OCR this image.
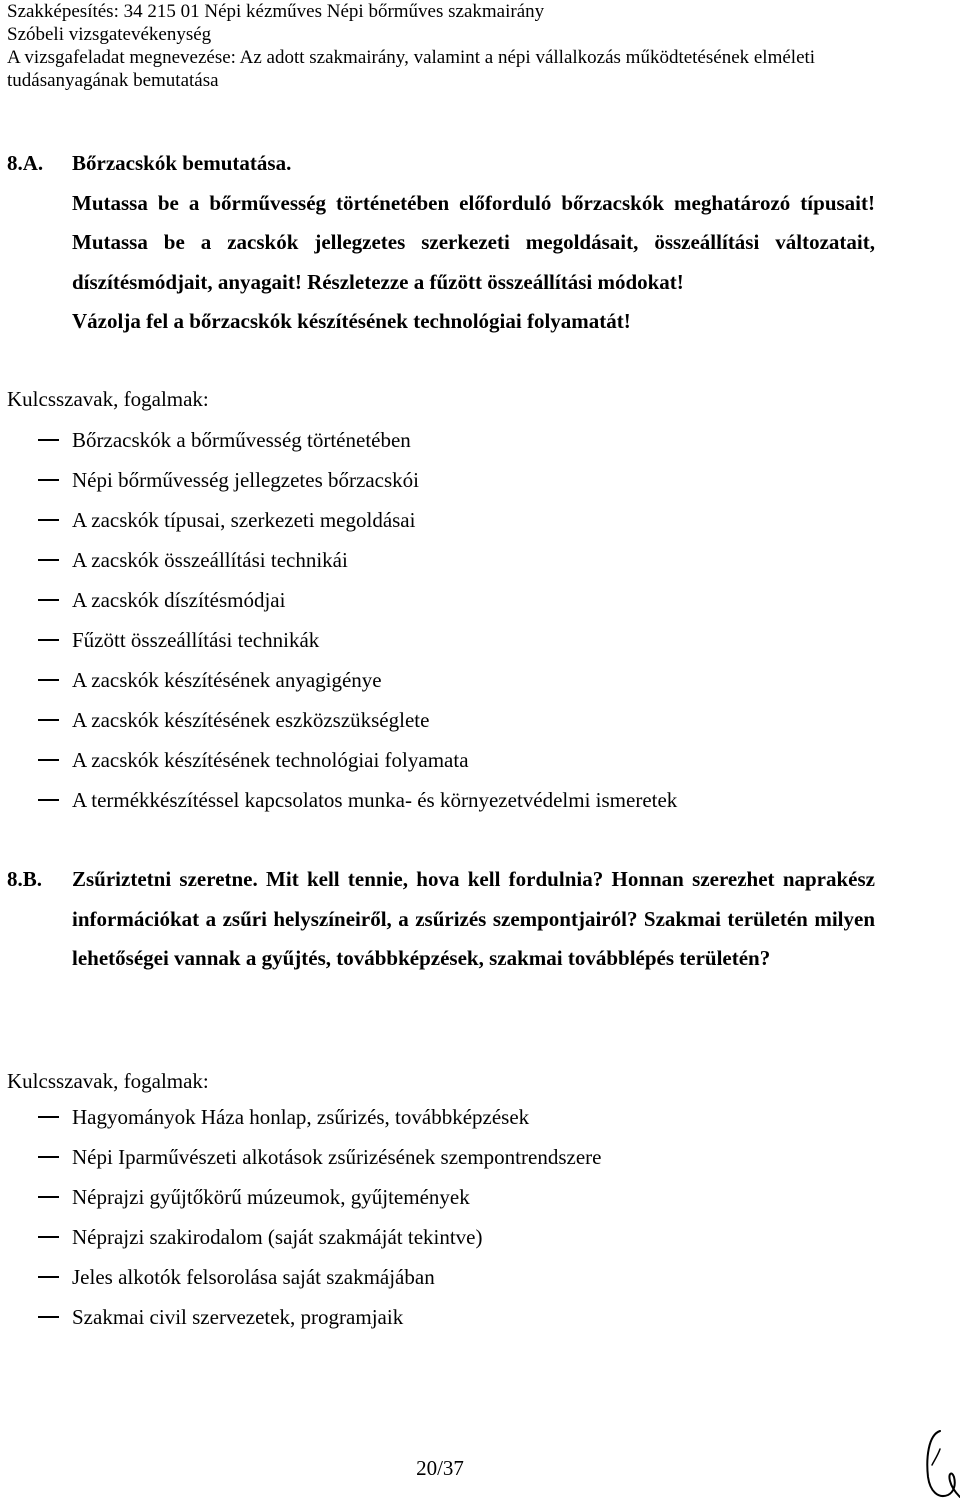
Szakképesítés: 34 215 01 Népi kézműves Népi bőrműves szakmairány
Szóbeli vizsgatevékenység
A vizsgafeladat megnevezése: Az adott szakmairány, valamint a népi vállalkozás működtetésének elméleti
tudásanyagának bemutatása
8.A. Bőrzacskók bemutatása.

Mutassa be a bőrművesség történetében előforduló bőrzacskók meghatározó típusait! Mutassa be a zacskók jellegzetes szerkezeti megoldásait, összeállítási változatait, díszítésmódjait, anyagait! Részletezze a fűzött összeállítási módokat!

Vázolja fel a bőrzacskók készítésének technológiai folyamatát!

Kulcsszavak, fogalmak:
Bőrzacskók a bőrművesség történetében
Népi bőrművesség jellegzetes bőrzacskói
A zacskók típusai, szerkezeti megoldásai
A zacskók összeállítási technikái
A zacskók díszítésmódjai
Fűzött összeállítási technikák
A zacskók készítésének anyagigénye
A zacskók készítésének eszközszükséglete
A zacskók készítésének technológiai folyamata
A termékkészítéssel kapcsolatos munka- és környezetvédelmi ismeretek
8.B. Zsűriztetni szeretne. Mit kell tennie, hova kell fordulnia? Honnan szerezhet naprakész információkat a zsűri helyszíneiről, a zsűrizés szempontjairól? Szakmai területén milyen lehetőségei vannak a gyűjtés, továbbképzések, szakmai továbblépés területén?

Kulcsszavak, fogalmak:
Hagyományok Háza honlap, zsűrizés, továbbképzések
Népi Iparművészeti alkotások zsűrizésének szempontrendszere
Néprajzi gyűjtőkörű múzeumok, gyűjtemények
Néprajzi szakirodalom (saját szakmáját tekintve)
Jeles alkotók felsorolása saját szakmájában
Szakmai civil szervezetek, programjaik
20/37
